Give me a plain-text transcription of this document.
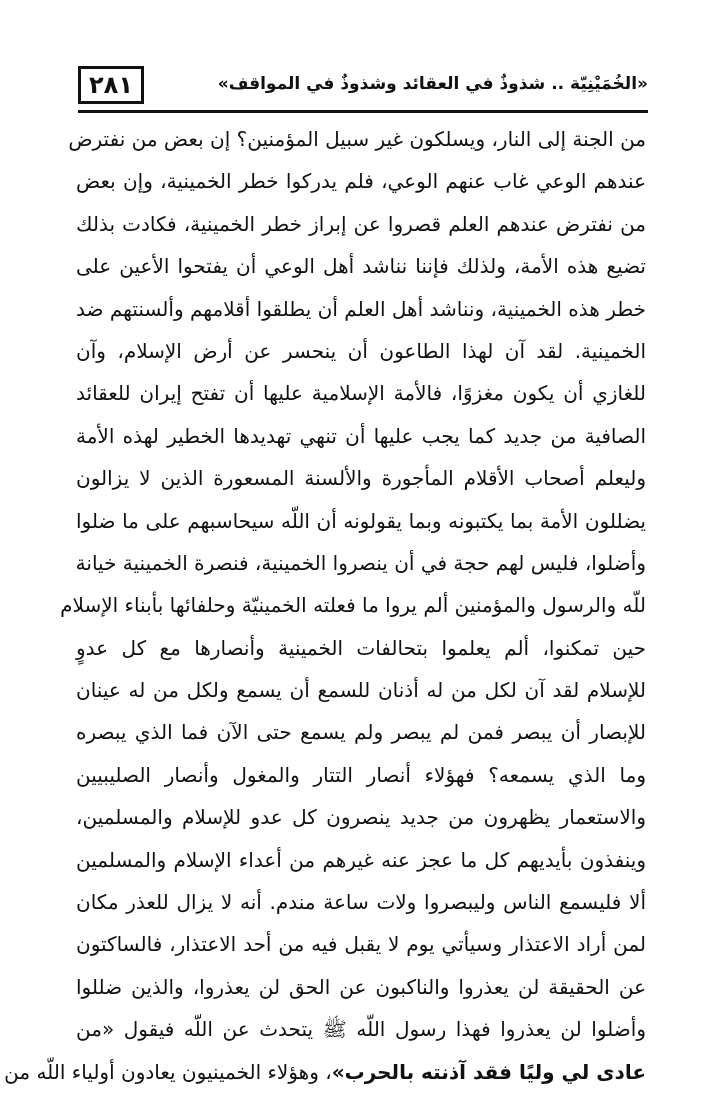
٢٨١	«الخُمَيْنِيّة .. شذوذٌ في العقائد وشذوذٌ في المواقف»
من الجنة إلى النار، ويسلكون غير سبيل المؤمنين؟ إن بعض من نفترض
عندهم الوعي غاب عنهم الوعي، فلم يدركوا خطر الخمينية، وإن بعض
من نفترض عندهم العلم قصروا عن إبراز خطر الخمينية، فكادت بذلك
تضيع هذه الأمة، ولذلك فإننا نناشد أهل الوعي أن يفتحوا الأعين على
خطر هذه الخمينية، ونناشد أهل العلم أن يطلقوا أقلامهم وألسنتهم ضد
الخمينية. لقد آن لهذا الطاعون أن ينحسر عن أرض الإسلام، وآن
للغازي أن يكون مغزوًا، فالأمة الإسلامية عليها أن تفتح إيران للعقائد
الصافية من جديد كما يجب عليها أن تنهي تهديدها الخطير لهذه الأمة
وليعلم أصحاب الأقلام المأجورة والألسنة المسعورة الذين لا يزالون
يضللون الأمة بما يكتبونه وبما يقولونه أن اللّه سيحاسبهم على ما ضلوا
وأضلوا، فليس لهم حجة في أن ينصروا الخمينية، فنصرة الخمينية خيانة
للّه والرسول والمؤمنين ألم يروا ما فعلته الخمينيّة وحلفائها بأبناء الإسلام
حين تمكنوا، ألم يعلموا بتحالفات الخمينية وأنصارها مع كل عدوٍ
للإسلام لقد آن لكل من له أذنان للسمع أن يسمع ولكل من له عينان
للإبصار أن يبصر فمن لم يبصر ولم يسمع حتى الآن فما الذي يبصره
وما الذي يسمعه؟ فهؤلاء أنصار التتار والمغول وأنصار الصليبيين
والاستعمار يظهرون من جديد ينصرون كل عدو للإسلام والمسلمين،
وينفذون بأيديهم كل ما عجز عنه غيرهم من أعداء الإسلام والمسلمين
ألا فليسمع الناس وليبصروا ولات ساعة مندم. أنه لا يزال للعذر مكان
لمن أراد الاعتذار وسيأتي يوم لا يقبل فيه من أحد الاعتذار، فالساكتون
عن الحقيقة لن يعذروا والناكبون عن الحق لن يعذروا، والذين ضللوا
وأضلوا لن يعذروا فهذا رسول اللّه ﷺ يتحدث عن اللّه فيقول «من
عادى لي وليًا فقد آذنته بالحرب»، وهؤلاء الخمينيون يعادون أولياء اللّه من
